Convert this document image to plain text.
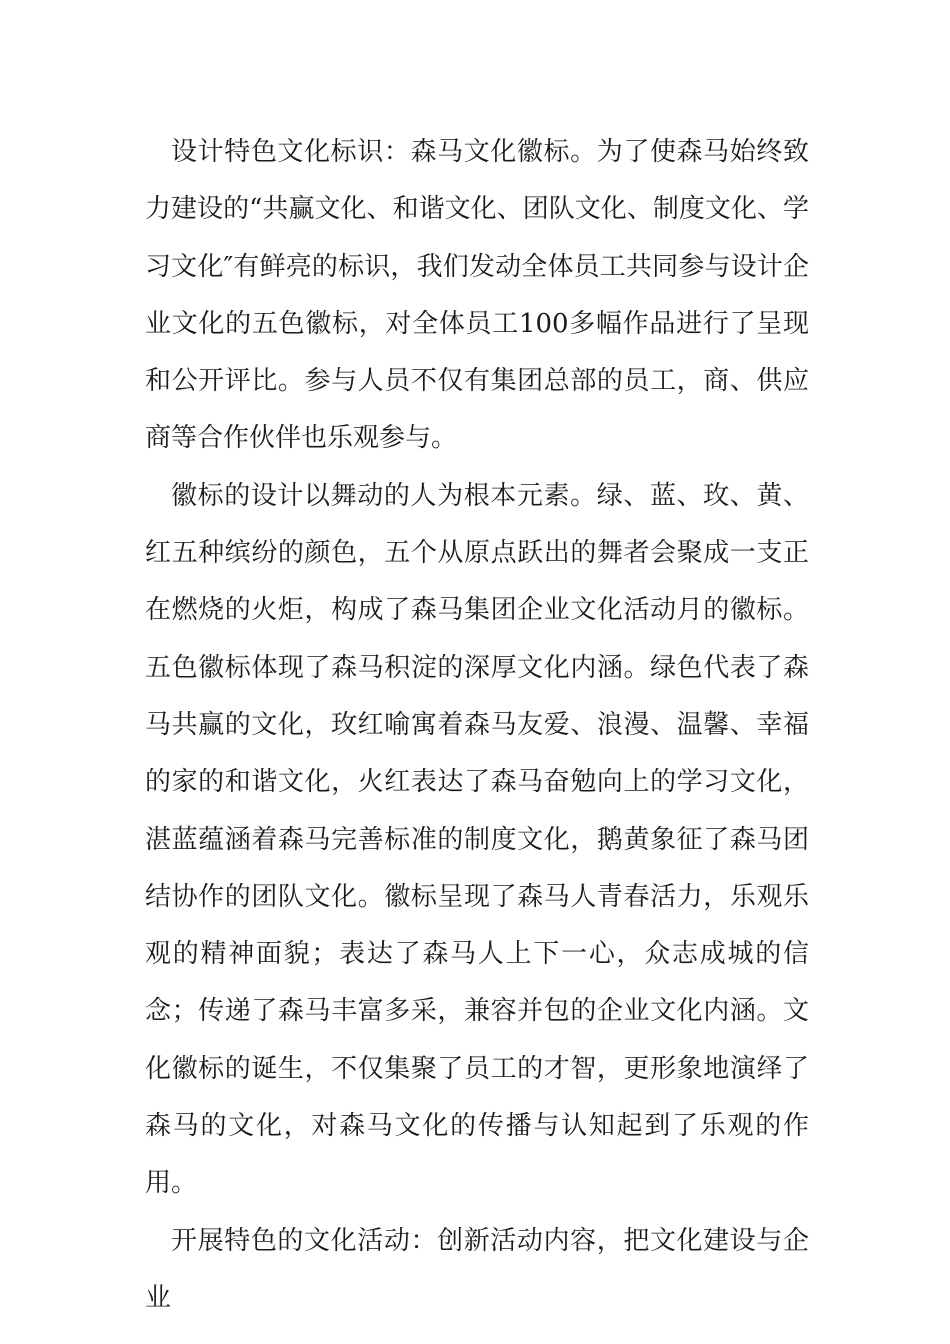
设计特色文化标识：森马文化徽标。为了使森马始终致力建设的“共赢文化、和谐文化、团队文化、制度文化、学习文化″有鲜亮的标识，我们发动全体员工共同参与设计企业文化的五色徽标，对全体员工100多幅作品进行了呈现和公开评比。参与人员不仅有集团总部的员工，商、供应商等合作伙伴也乐观参与。

徽标的设计以舞动的人为根本元素。绿、蓝、玫、黄、红五种缤纷的颜色，五个从原点跃出的舞者会聚成一支正在燃烧的火炬，构成了森马集团企业文化活动月的徽标。五色徽标体现了森马积淀的深厚文化内涵。绿色代表了森马共赢的文化，玫红喻寓着森马友爱、浪漫、温馨、幸福的家的和谐文化，火红表达了森马奋勉向上的学习文化，湛蓝蕴涵着森马完善标准的制度文化，鹅黄象征了森马团结协作的团队文化。徽标呈现了森马人青春活力，乐观乐观的精神面貌；表达了森马人上下一心，众志成城的信念；传递了森马丰富多采，兼容并包的企业文化内涵。文化徽标的诞生，不仅集聚了员工的才智，更形象地演绎了森马的文化，对森马文化的传播与认知起到了乐观的作用。

开展特色的文化活动：创新活动内容，把文化建设与企业
